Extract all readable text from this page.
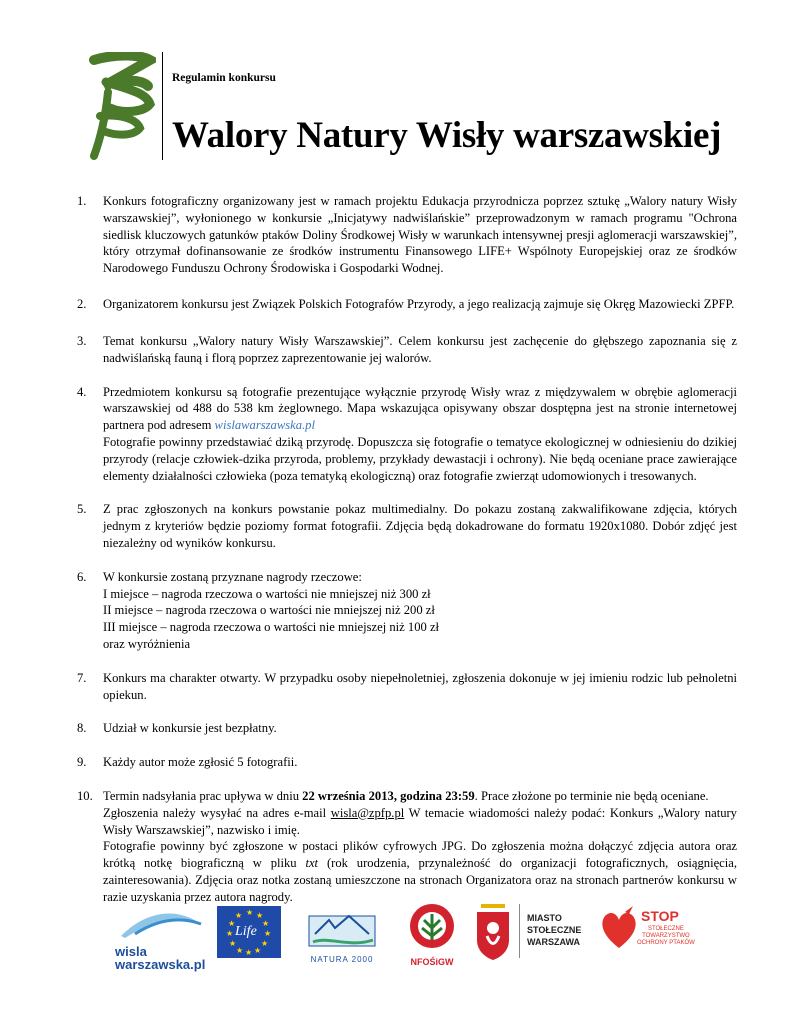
Regulamin konkursu
Walory Natury Wisły warszawskiej
1. Konkurs fotograficzny organizowany jest w ramach projektu Edukacja przyrodnicza poprzez sztukę „Walory natury Wisły warszawskiej”, wyłonionego w konkursie „Inicjatywy nadwiślańskie” przeprowadzonym w ramach programu "Ochrona siedlisk kluczowych gatunków ptaków Doliny Środkowej Wisły w warunkach intensywnej presji aglomeracji warszawskiej”, który otrzymał dofinansowanie ze środków instrumentu Finansowego LIFE+ Wspólnoty Europejskiej oraz ze środków Narodowego Funduszu Ochrony Środowiska i Gospodarki Wodnej.
2. Organizatorem konkursu jest Związek Polskich Fotografów Przyrody, a jego realizacją zajmuje się Okręg Mazowiecki ZPFP.
3. Temat konkursu „Walory natury Wisły Warszawskiej”. Celem konkursu jest zachęcenie do głębszego zapoznania się z nadwiślańską fauną i florą poprzez zaprezentowanie jej walorów.
4. Przedmiotem konkursu są fotografie prezentujące wyłącznie przyrodę Wisły wraz z międzywalem w obrębie aglomeracji warszawskiej od 488 do 538 km żeglownego. Mapa wskazująca opisywany obszar dosptępna jest na stronie internetowej partnera pod adresem wislawarszawska.pl

Fotografie powinny przedstawiać dziką przyrodę. Dopuszcza się fotografie o tematyce ekologicznej w odniesieniu do dzikiej przyrody (relacje człowiek-dzika przyroda, problemy, przykłady dewastacji i ochrony). Nie będą oceniane prace zawierające elementy działalności człowieka (poza tematyką ekologiczną) oraz fotografie zwierząt udomowionych i tresowanych.

5. Z prac zgłoszonych na konkurs powstanie pokaz multimedialny. Do pokazu zostaną zakwalifikowane zdjęcia, których jednym z kryteriów będzie poziomy format fotografii. Zdjęcia będą dokadrowane do formatu 1920x1080. Dobór zdjęć jest niezależny od wyników konkursu.
6. W konkursie zostaną przyznane nagrody rzeczowe:
I miejsce – nagroda rzeczowa o wartości nie mniejszej niż 300 zł
II miejsce – nagroda rzeczowa o wartości nie mniejszej niż 200 zł
III miejsce – nagroda rzeczowa o wartości nie mniejszej niż 100 zł
oraz wyróżnienia
7. Konkurs ma charakter otwarty. W przypadku osoby niepełnoletniej, zgłoszenia dokonuje w jej imieniu rodzic lub pełnoletni opiekun.
8. Udział w konkursie jest bezpłatny.
9. Każdy autor może zgłosić 5 fotografii.
10. Termin nadsyłania prac upływa w dniu 22 września 2013, godzina 23:59. Prace złożone po terminie nie będą oceniane.

Zgłoszenia należy wysyłać na adres e-mail wisla@zpfp.pl W temacie wiadomości należy podać: Konkurs „Walory natury Wisły Warszawskiej”, nazwisko i imię.

Fotografie powinny być zgłoszone w postaci plików cyfrowych JPG. Do zgłoszenia można dołączyć zdjęcia autora oraz krótką notkę biograficzną w pliku txt (rok urodzenia, przynależność do organizacji fotograficznych, osiągnięcia, zainteresowania). Zdjęcia oraz notka zostaną umieszczone na stronach Organizatora oraz na stronach partnerów konkursu w razie uzyskania przez autora nagrody.

wisla
warszawska.pl
★ ★
★
★
★
★
★
★
★
★
★
★
Life
NATURA 2000	NFOŚiGW
MIASTO
STOŁECZNE
WARSZAWA
STOP
STOŁECZNE
TOWARZYSTWO
OCHRONY PTAKÓW
